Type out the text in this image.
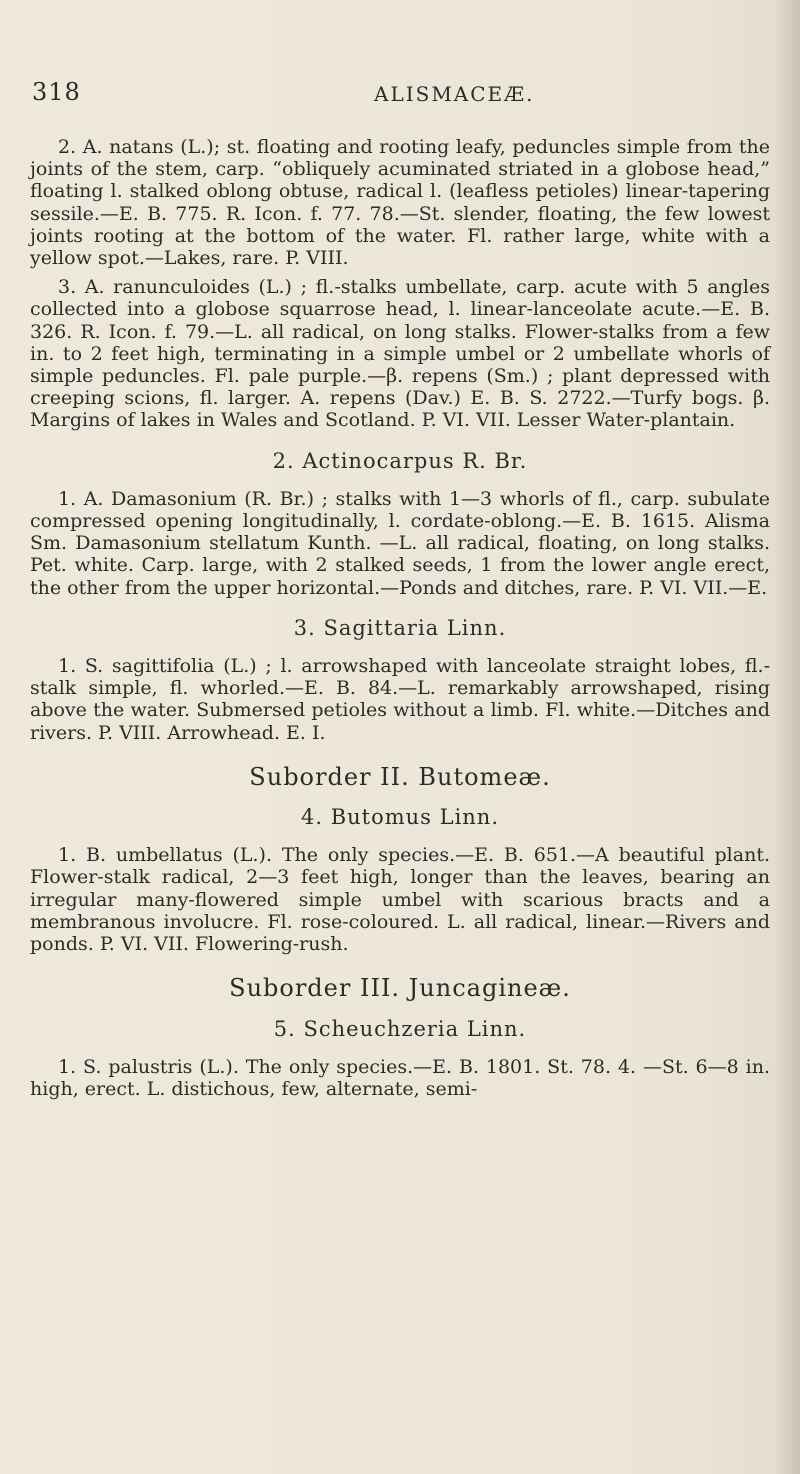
318	ALISMACEÆ.

2. A. natans (L.); st. floating and rooting leafy, peduncles simple from the joints of the stem, carp. “obliquely acuminated striated in a globose head,” floating l. stalked oblong obtuse, radical l. (leafless petioles) linear-tapering sessile.—E. B. 775. R. Icon. f. 77. 78.—St. slender, floating, the few lowest joints rooting at the bottom of the water. Fl. rather large, white with a yellow spot.—Lakes, rare. P. VIII.

3. A. ranunculoides (L.) ; fl.-stalks umbellate, carp. acute with 5 angles collected into a globose squarrose head, l. linear-lanceolate acute.—E. B. 326. R. Icon. f. 79.—L. all radical, on long stalks. Flower-stalks from a few in. to 2 feet high, terminating in a simple umbel or 2 umbellate whorls of simple peduncles. Fl. pale purple.—β. repens (Sm.) ; plant depressed with creeping scions, fl. larger. A. repens (Dav.) E. B. S. 2722.—Turfy bogs. β. Margins of lakes in Wales and Scotland. P. VI. VII. Lesser Water-plantain.

2. Actinocarpus R. Br.

1. A. Damasonium (R. Br.) ; stalks with 1—3 whorls of fl., carp. subulate compressed opening longitudinally, l. cordate-oblong.—E. B. 1615. Alisma Sm. Damasonium stellatum Kunth. —L. all radical, floating, on long stalks. Pet. white. Carp. large, with 2 stalked seeds, 1 from the lower angle erect, the other from the upper horizontal.—Ponds and ditches, rare. P. VI. VII.—E.

3. Sagittaria Linn.

1. S. sagittifolia (L.) ; l. arrowshaped with lanceolate straight lobes, fl.-stalk simple, fl. whorled.—E. B. 84.—L. remarkably arrowshaped, rising above the water. Submersed petioles without a limb. Fl. white.—Ditches and rivers. P. VIII. Arrowhead. E. I.

Suborder II. Butomeæ.
4. Butomus Linn.

1. B. umbellatus (L.). The only species.—E. B. 651.—A beautiful plant. Flower-stalk radical, 2—3 feet high, longer than the leaves, bearing an irregular many-flowered simple umbel with scarious bracts and a membranous involucre. Fl. rose-coloured. L. all radical, linear.—Rivers and ponds. P. VI. VII. Flowering-rush.

Suborder III. Juncagineæ.
5. Scheuchzeria Linn.

1. S. palustris (L.). The only species.—E. B. 1801. St. 78. 4. —St. 6—8 in. high, erect. L. distichous, few, alternate, semi-
